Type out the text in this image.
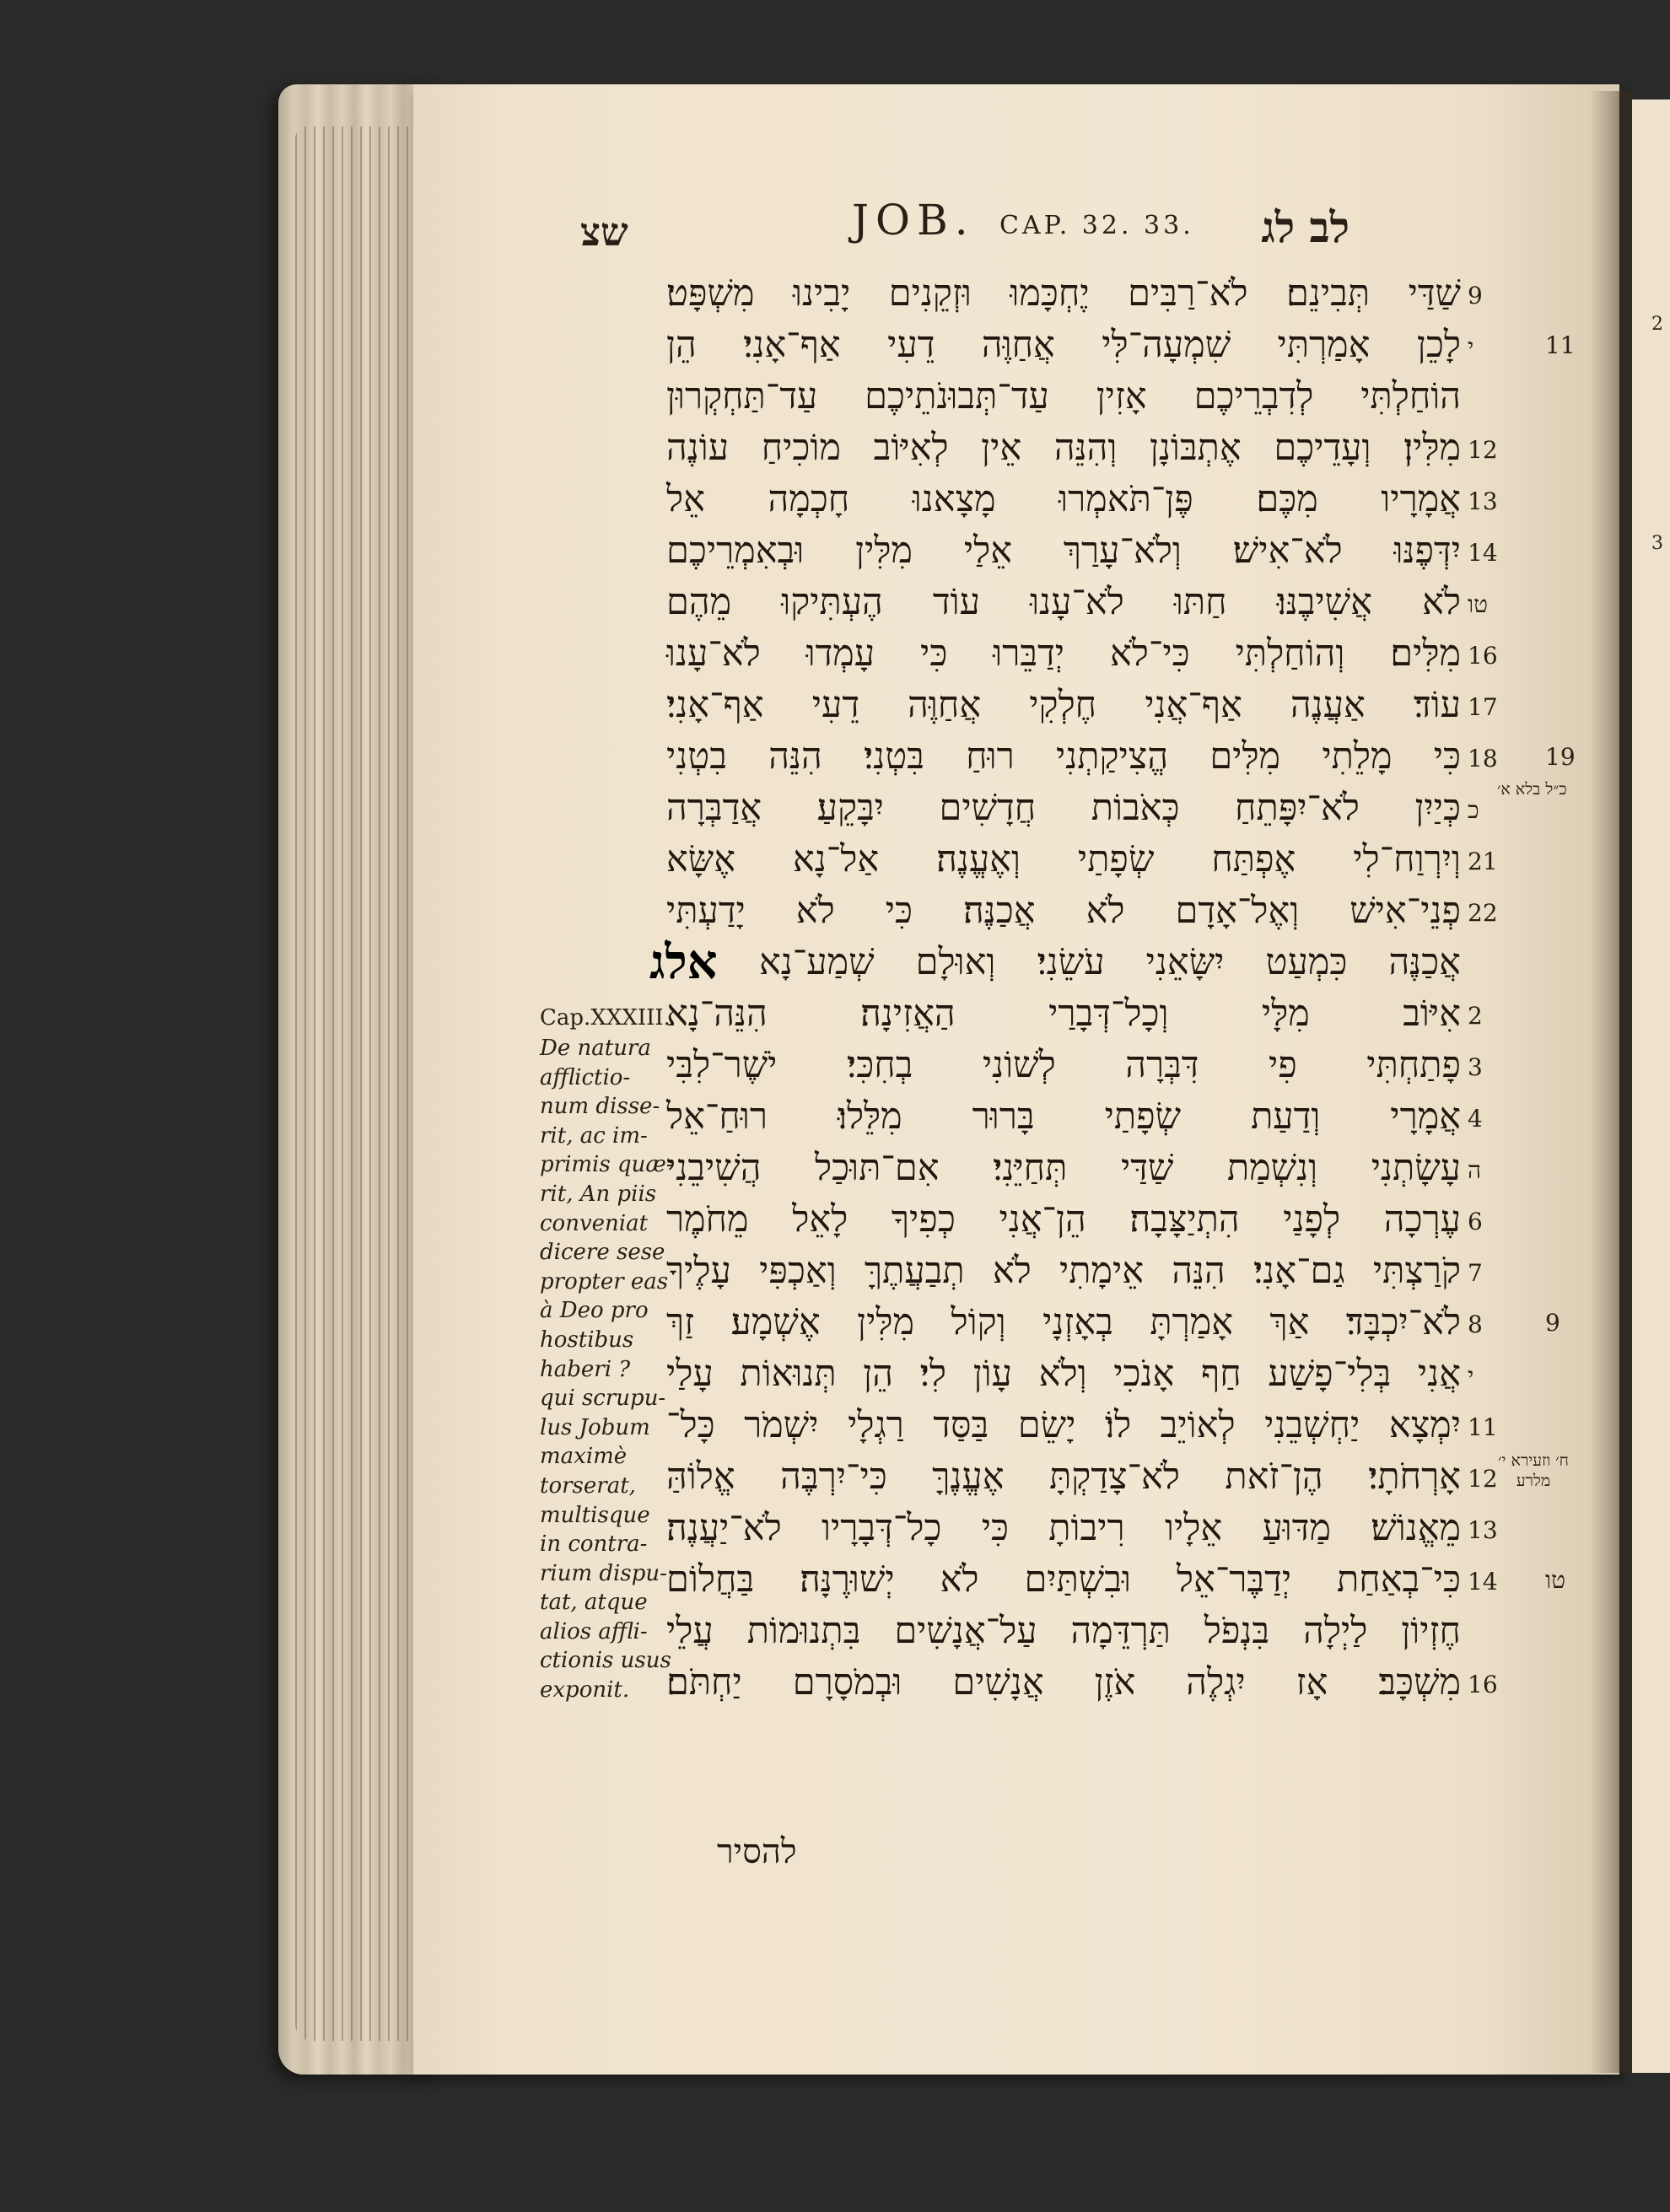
2
3
שצ	JOB. CAP. 32. 33. לב לג
שַׁדַּי תְּבִינֵם׃ לֹא־רַבִּים יֶחְכָּמוּ וּזְקֵנִים יָבִינוּ מִשְׁפָּט׃ 9
לָכֵן אָמַרְתִּי שִׁמְעָה־לִּי אֲחַוֶּה דֵעִי אַף־אָנִי׃ הֵן י
הוֹחַלְתִּי לְדִבְרֵיכֶם אָזִין עַד־תְּבוּנֹתֵיכֶם עַד־תַּחְקְרוּן
מִלִּין׃ וְעָדֵיכֶם אֶתְבּוֹנָן וְהִנֵּה אֵין לְאִיּוֹב מוֹכִיחַ עוֹנֶה 12
אֲמָרָיו מִכֶּם׃ פֶּן־תֹּאמְרוּ מָצָאנוּ חָכְמָה אֵל 13
יִדְּפֶנּוּ לֹא־אִישׁ׃ וְלֹא־עָרַךְ אֵלַי מִלִּין וּבְאִמְרֵיכֶם 14
לֹא אֲשִׁיבֶנּוּ׃ חַתּוּ לֹא־עָנוּ עוֹד הֶעְתִּיקוּ מֵהֶם טו
מִלִּים׃ וְהוֹחַלְתִּי כִּי־לֹא יְדַבֵּרוּ כִּי עָמְדוּ לֹא־עָנוּ 16
עוֹד׃ אַעֲנֶה אַף־אֲנִי חֶלְקִי אֲחַוֶּה דֵעִי אַף־אָנִי׃ 17
כִּי מָלֵתִי מִלִּים הֱצִיקַתְנִי רוּחַ בִּטְנִי׃ הִנֵּה בִטְנִי 18
כְּיַיִן לֹא־יִפָּתֵחַ כְּאֹבוֹת חֲדָשִׁים יִבָּקֵעַ׃ אֲדַבְּרָה כ
וְיִרְוַח־לִי אֶפְתַּח שְׂפָתַי וְאֶעֱנֶה׃ אַל־נָא אֶשָּׂא 21
פְנֵי־אִישׁ וְאֶל־אָדָם לֹא אֲכַנֶּה׃ כִּי לֹא יָדַעְתִּי 22
אֲכַנֶּה כִּמְעַט יִשָּׂאֵנִי עֹשֵׂנִי׃ וְאוּלָם שְׁמַע־נָא
אלג
אִיּוֹב מִלָּי וְכָל־דְּבָרַי הַאֲזִינָה׃ הִנֵּה־נָא 2
פָתַחְתִּי פִי דִּבְּרָה לְשׁוֹנִי בְחִכִּי׃ יֹשֶׁר־לִבִּי 3
אֲמָרָי וְדַעַת שְׂפָתַי בָּרוּר מִלֵּלוּ׃ רוּחַ־אֵל 4
עָשָׂתְנִי וְנִשְׁמַת שַׁדַּי תְּחַיֵּנִי׃ אִם־תּוּכַל הֲשִׁיבֵנִי ה
עֶרְכָה לְפָנַי הִתְיַצָּבָה׃ הֵן־אֲנִי כְפִיךָ לָאֵל מֵחֹמֶר 6
קֹרַצְתִּי גַם־אָנִי׃ הִנֵּה אֵימָתִי לֹא תְבַעֲתֶךָּ וְאַכְפִּי עָלֶיךָ 7
לֹא־יִכְבָּד׃ אַךְ אָמַרְתָּ בְאָזְנָי וְקוֹל מִלִּין אֶשְׁמָע׃ זַךְ 8
אֲנִי בְּלִי־פָשַׁע חַף אָנֹכִי וְלֹא עָוֹן לִי׃ הֵן תְּנוּאוֹת עָלַי י
יִמְצָא יַחְשְׁבֵנִי לְאוֹיֵב לוֹ׃ יָשֵׂם בַּסַּד רַגְלָי יִשְׁמֹר כָּל־ 11
אָרְחֹתָי׃ הֶן־זֹאת לֹא־צָדַקְתָּ אֶעֱנֶךָּ כִּי־יִרְבֶּה אֱלוֹהַּ 12
מֵאֱנוֹשׁ׃ מַדּוּעַ אֵלָיו רִיבוֹתָ כִּי כָל־דְּבָרָיו לֹא־יַעֲנֶה׃ 13
כִּי־בְאַחַת יְדַבֶּר־אֵל וּבִשְׁתַּיִם לֹא יְשׁוּרֶנָּה׃ בַּחֲלוֹם 14
חֶזְיוֹן לַיְלָה בִּנְפֹל תַּרְדֵּמָה עַל־אֲנָשִׁים בִּתְנוּמוֹת עֲלֵי
מִשְׁכָּב׃ אָז יִגְלֶה אֹזֶן אֲנָשִׁים וּבְמֹסָרָם יַחְתֹּם׃ 16
כ״ל בלא א׳
ח׳ וזעירא י׳ מלרע
Cap.XXXIII.
De natura
afflictio-
num disse-
rit, ac im-
primis quæ-
rit, An piis
conveniat
dicere sese
propter eas
à Deo pro
hostibus
haberi ?
qui scrupu-
lus Jobum
maximè
torserat,
multisque
in contra-
rium dispu-
tat, atque
alios affli-
ctionis usus
exponit.
להסיר
11
19
9
טו
